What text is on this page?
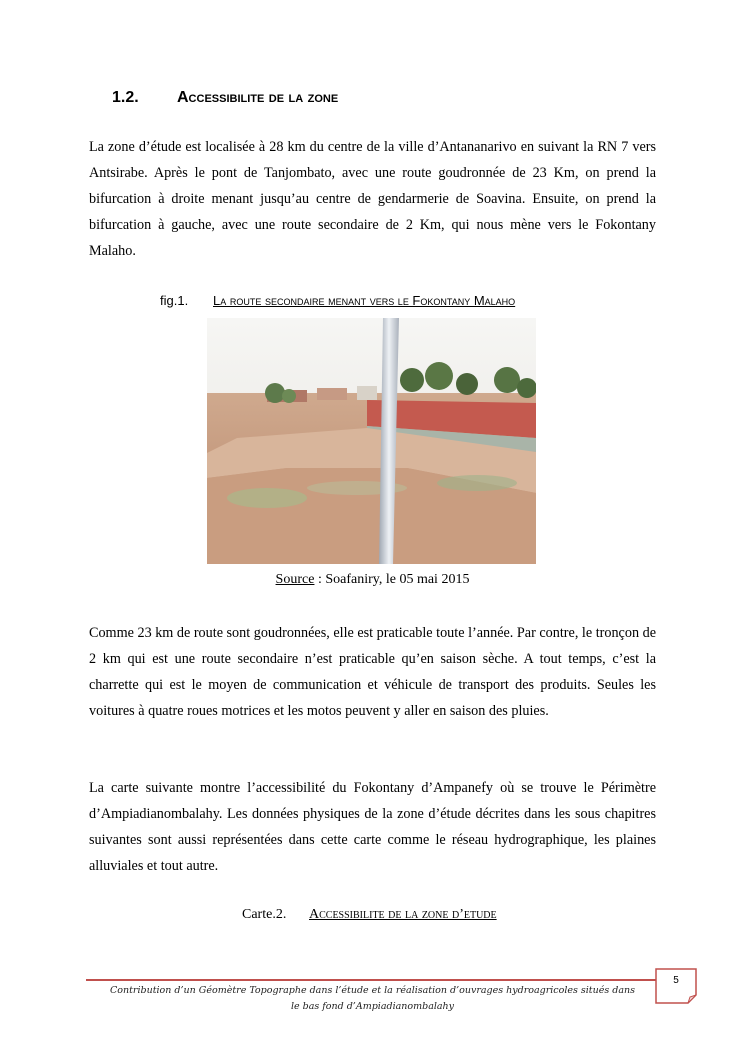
1.2. Accessibilite de la zone

La zone d’étude est localisée à 28 km du centre de la ville d’Antananarivo en suivant la RN 7 vers Antsirabe. Après le pont de Tanjombato, avec une route goudronnée de 23 Km, on prend la bifurcation à droite menant jusqu’au centre de gendarmerie de Soavina. Ensuite, on prend la bifurcation à gauche, avec une route secondaire de 2 Km, qui nous mène vers le Fokontany Malaho.

fig.1. La route secondaire menant vers le Fokontany Malaho
Source : Soafaniry, le 05 mai 2015

Comme 23 km de route sont goudronnées, elle est praticable toute l’année. Par contre, le tronçon de 2 km qui est une route secondaire n’est praticable qu’en saison sèche. A tout temps, c’est la charrette qui est le moyen de communication et véhicule de transport des produits. Seules les voitures à quatre roues motrices et les motos peuvent y aller en saison des pluies.

La carte suivante montre l’accessibilité du Fokontany d’Ampanefy où se trouve le Périmètre d’Ampiadianombalahy. Les données physiques de la zone d’étude décrites dans les sous chapitres suivantes sont aussi représentées dans cette carte comme le réseau hydrographique, les plaines alluviales et tout autre.

Carte.2. Accessibilite de la zone d’etude
Contribution d’un Géomètre Topographe dans l’étude et la réalisation d’ouvrages hydroagricoles situés dans le bas fond d’Ampiadianombalahy
5
